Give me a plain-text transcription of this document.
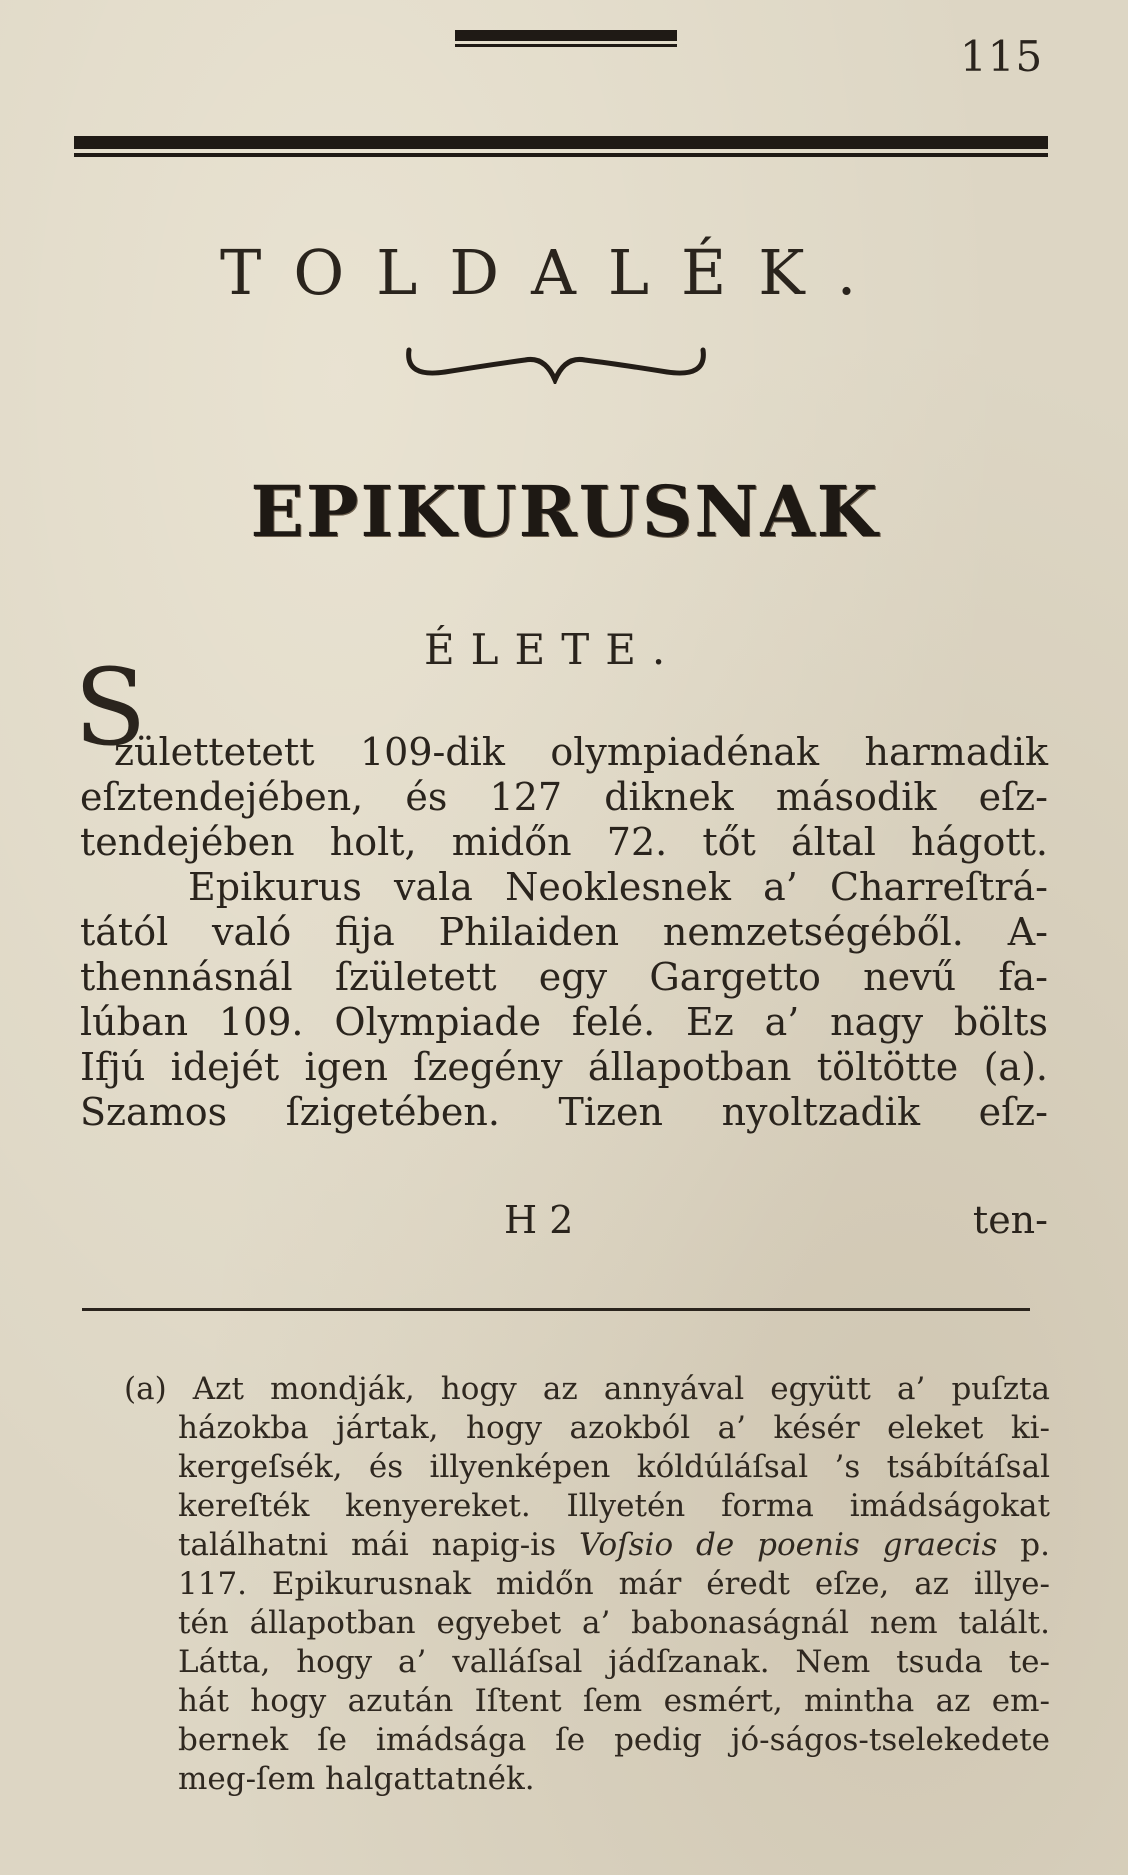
115
TOLDALÉK.
EPIKURUSNAK
ÉLETE.
S
zülettetett 109-dik olympiadénak harmadik
eſztendejében, és 127 diknek második eſz-
tendejében holt, midőn 72. tőt által hágott.
Epikurus vala Neoklesnek a’ Charreſtrá-
tától való fija Philaiden nemzetségéből. A-
thennásnál ſzületett egy Gargetto nevű fa-
lúban 109. Olympiade felé. Ez a’ nagy bölts
Ifjú idejét igen ſzegény állapotban töltötte (a).
Szamos ſzigetében. Tizen nyoltzadik eſz-
H 2	ten-
(a) Azt mondják, hogy az annyával együtt a’ puſzta
házokba jártak, hogy azokból a’ késér eleket ki-
kergeſsék, és illyenképen kóldúláſsal ’s tsábítáſsal
kereſték kenyereket. Illyetén forma imádságokat
találhatni mái napig-is Voſsio de poenis graecis p.
117. Epikurusnak midőn már éredt eſze, az illye-
tén állapotban egyebet a’ babonaságnál nem talált.
Látta, hogy a’ valláſsal jádſzanak. Nem tsuda te-
hát hogy azután Iſtent ſem esmért, mintha az em-
bernek ſe imádsága ſe pedig jó-ságos-tselekedete
meg-ſem halgattatnék.
